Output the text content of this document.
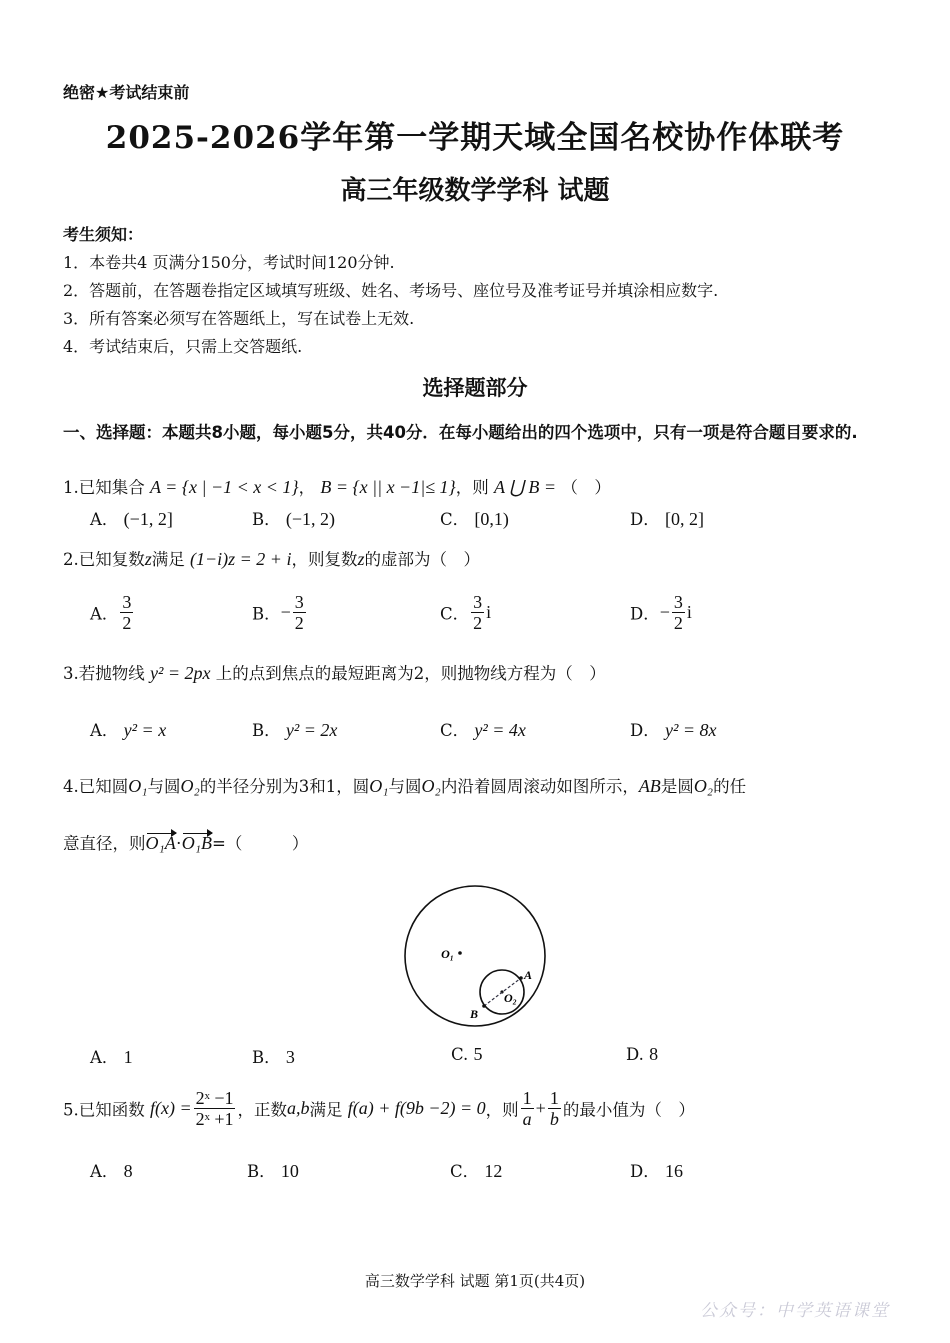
绝密★考试结束前
2025-2026学年第一学期天域全国名校协作体联考
高三年级数学学科 试题
考生须知：
1．本卷共4 页满分150分，考试时间120分钟.
2．答题前，在答题卷指定区域填写班级、姓名、考场号、座位号及准考证号并填涂相应数字.
3．所有答案必须写在答题纸上，写在试卷上无效.
4．考试结束后，只需上交答题纸.
选择题部分
一、选择题：本题共8小题，每小题5分，共40分．在每小题给出的四个选项中，只有一项是符合题目要求的.
1.已知集合 A = {x | −1 < x < 1}， B = {x || x −1|≤ 1}，则 A ⋃ B = （　）
A． (−1, 2]	B． (−1, 2)	C． [0,1)	D． [0, 2]
2.已知复数z满足 (1−i)z = 2 + i，则复数z的虚部为（　）
A． $\frac{3}{2}$	B．− $\frac{3}{2}$	C． $\frac{3}{2}$ i	D．− $\frac{3}{2}$ i
3.若抛物线 y² = 2px 上的点到焦点的最短距离为2，则抛物线方程为（　）
A． y² = x	B． y² = 2x	C． y² = 4x	D． y² = 8x
4.已知圆O₁与圆O₂的半径分别为3和1，圆O₁与圆O₂内沿着圆周滚动如图所示，AB是圆O₂的任
意直径，则O₁A·O₁B=（　　　）
O₁
O₂
A
B
A． 1	B． 3	C. 5	D. 8
5.已知函数 $f(x) = \frac{\text{2ˣ −1}}{\text{2ˣ +1}}$ ，正数a,b满足 f(a) + f(9b −2) = 0，则 $\frac{1}{a} + \frac{1}{b}$ 的最小值为（　）
A． 8	B． 10	C． 12	D． 16
高三数学学科 试题 第1页(共4页)
公众号：中学英语课堂
